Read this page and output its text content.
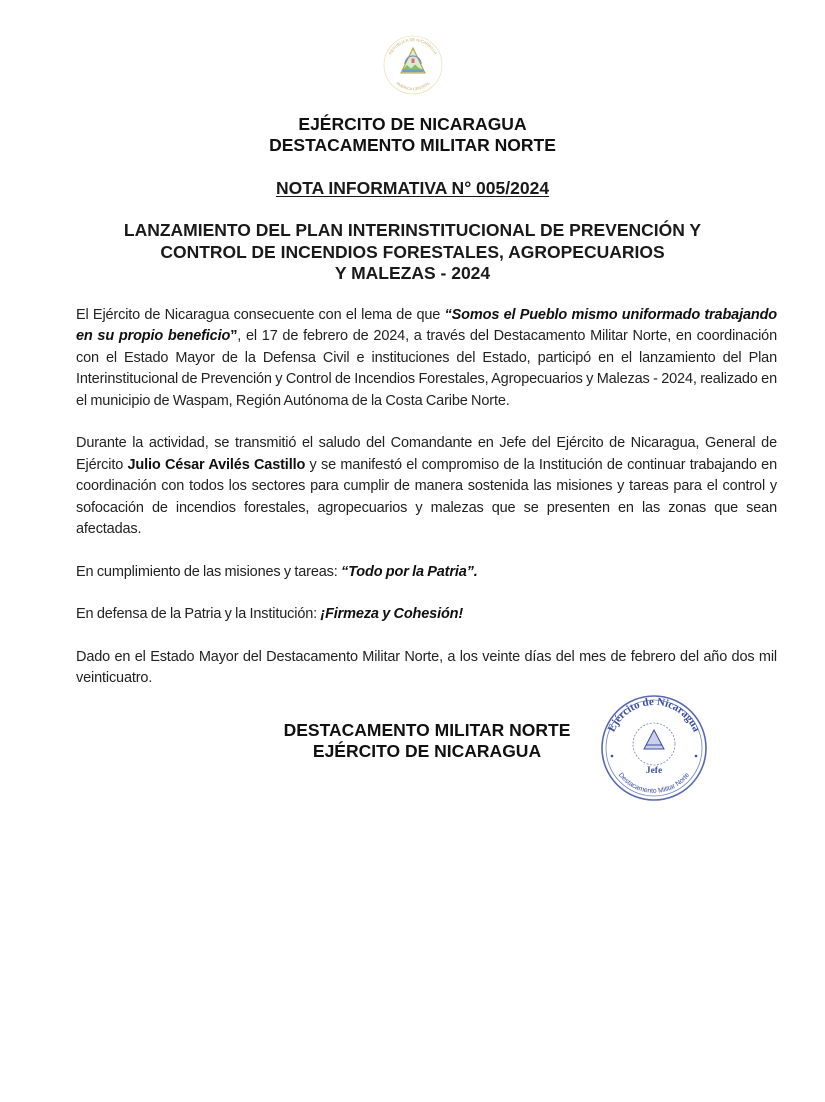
REPÚBLICA DE NICARAGUA
AMÉRICA CENTRAL
EJÉRCITO DE NICARAGUA
DESTACAMENTO MILITAR NORTE
NOTA INFORMATIVA N° 005/2024
LANZAMIENTO DEL PLAN INTERINSTITUCIONAL DE PREVENCIÓN Y
CONTROL DE INCENDIOS FORESTALES, AGROPECUARIOS
Y MALEZAS - 2024
El Ejército de Nicaragua consecuente con el lema de que “Somos el Pueblo mismo uniformado trabajando en su propio beneficio”, el 17 de febrero de 2024, a través del Destacamento Militar Norte, en coordinación con el Estado Mayor de la Defensa Civil e instituciones del Estado, participó en el lanzamiento del Plan Interinstitucional de Prevención y Control de Incendios Forestales, Agropecuarios y Malezas - 2024, realizado en el municipio de Waspam, Región Autónoma de la Costa Caribe Norte.
Durante la actividad, se transmitió el saludo del Comandante en Jefe del Ejército de Nicaragua, General de Ejército Julio César Avilés Castillo y se manifestó el compromiso de la Institución de continuar trabajando en coordinación con todos los sectores para cumplir de manera sostenida las misiones y tareas para el control y sofocación de incendios forestales, agropecuarios y malezas que se presenten en las zonas que sean afectadas.
En cumplimiento de las misiones y tareas: “Todo por la Patria”.
En defensa de la Patria y la Institución: ¡Firmeza y Cohesión!
Dado en el Estado Mayor del Destacamento Militar Norte, a los veinte días del mes de febrero del año dos mil veinticuatro.
DESTACAMENTO MILITAR NORTE
EJÉRCITO DE NICARAGUA
Ejército de Nicaragua
Destacamento Militar Norte
Jefe
